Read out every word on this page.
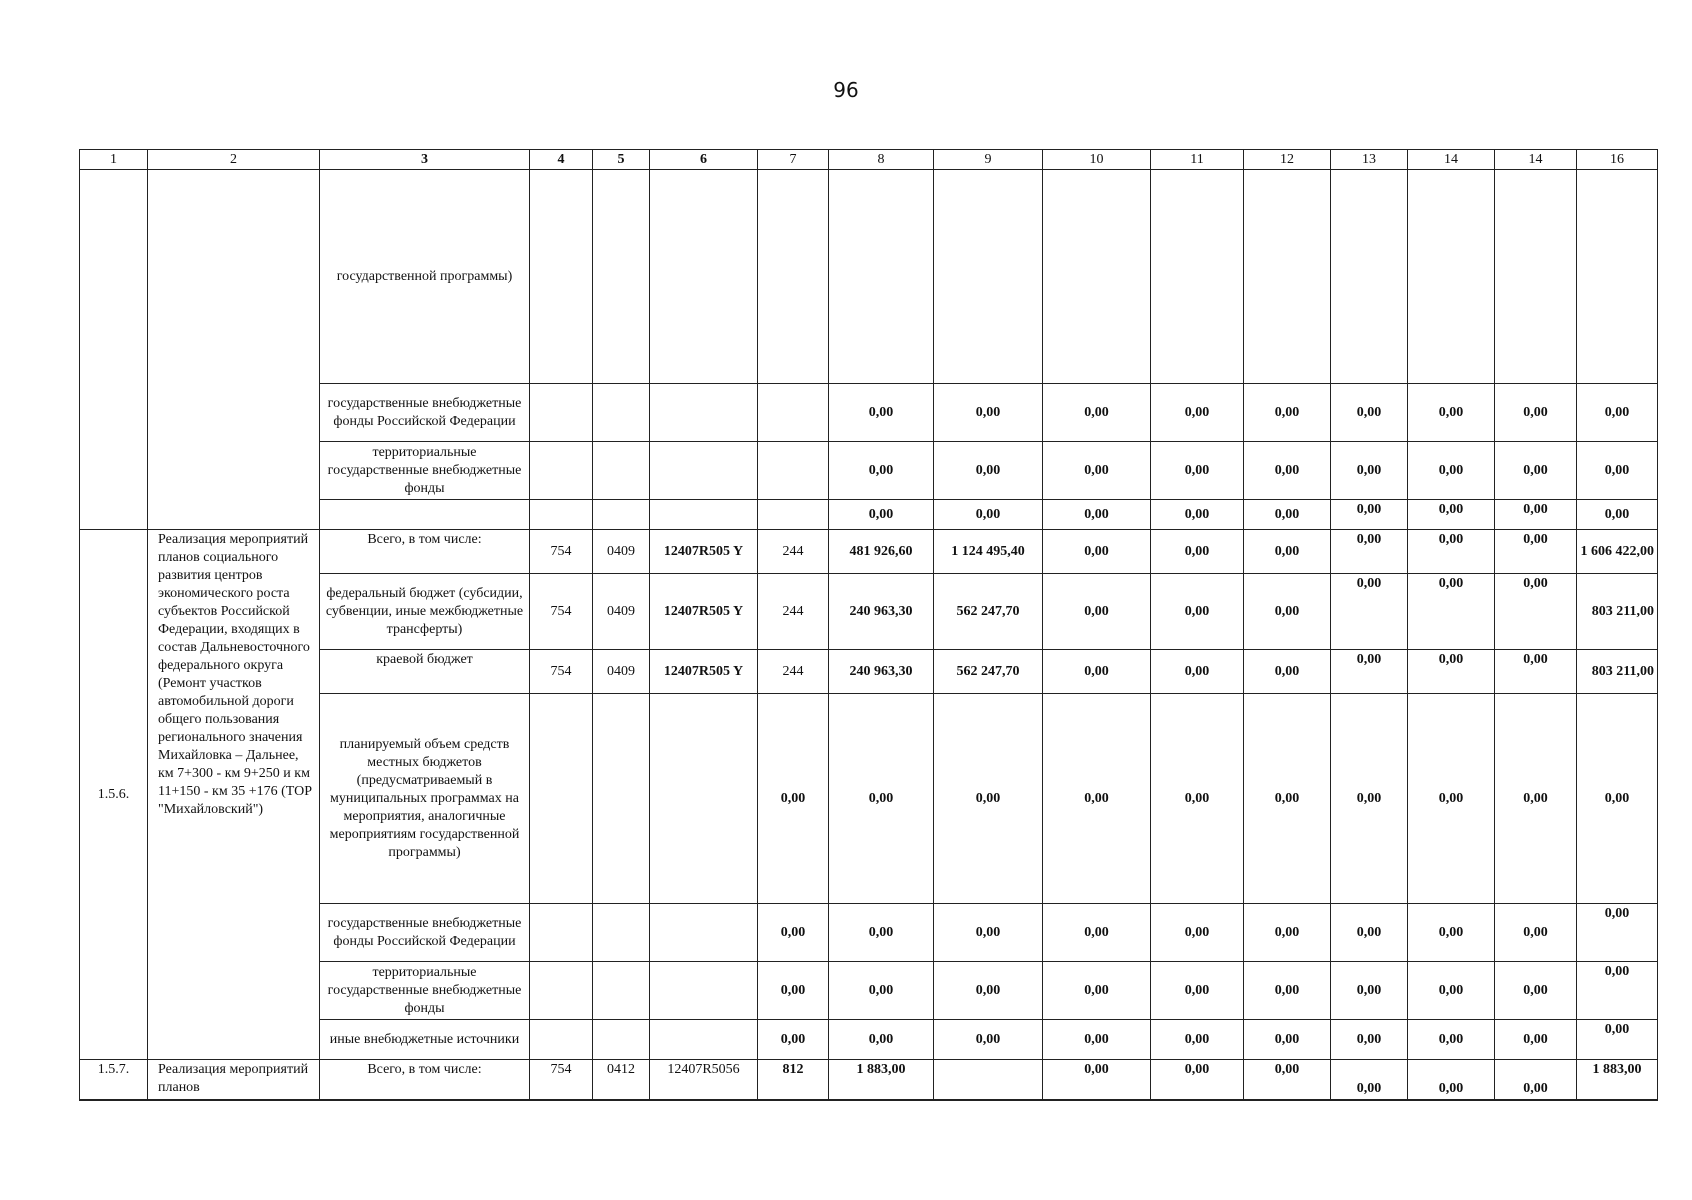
96
1	2	3	4	5	6	7	8	9	10	11	12	13	14	14	16
		государственной программы)													
		государственные внебюджетные фонды Российской Федерации					0,00	0,00	0,00	0,00	0,00	0,00	0,00	0,00	0,00
		территориальные государственные внебюджетные фонды					0,00	0,00	0,00	0,00	0,00	0,00	0,00	0,00	0,00
							0,00	0,00	0,00	0,00	0,00	0,00	0,00	0,00	0,00
1.5.6.	Реализация мероприятий планов социального развития центров экономического роста субъектов Российской Федерации, входящих в состав Дальневосточного федерального округа (Ремонт участков автомобильной дороги общего пользования регионального значения Михайловка – Дальнее, км 7+300 - км 9+250 и км 11+150 - км 35 +176 (ТОР "Михайловский")	Всего, в том числе:	754	0409	12407R505 Y	244	481 926,60	1 124 495,40	0,00	0,00	0,00	0,00	0,00	0,00	1 606 422,00
		федеральный бюджет (субсидии, субвенции, иные межбюджетные трансферты)	754	0409	12407R505 Y	244	240 963,30	562 247,70	0,00	0,00	0,00	0,00	0,00	0,00	803 211,00
		краевой бюджет	754	0409	12407R505 Y	244	240 963,30	562 247,70	0,00	0,00	0,00	0,00	0,00	0,00	803 211,00
		планируемый объем средств местных бюджетов (предусматриваемый в муниципальных программах на мероприятия, аналогичные мероприятиям государственной программы)				0,00	0,00	0,00	0,00	0,00	0,00	0,00	0,00	0,00	0,00
		государственные внебюджетные фонды Российской Федерации				0,00	0,00	0,00	0,00	0,00	0,00	0,00	0,00	0,00	0,00
		территориальные государственные внебюджетные фонды				0,00	0,00	0,00	0,00	0,00	0,00	0,00	0,00	0,00	0,00
		иные внебюджетные источники				0,00	0,00	0,00	0,00	0,00	0,00	0,00	0,00	0,00	0,00
1.5.7.	Реализация мероприятий планов	Всего, в том числе:	754	0412	12407R5056	812	1 883,00		0,00	0,00	0,00	0,00	0,00	0,00	1 883,00
